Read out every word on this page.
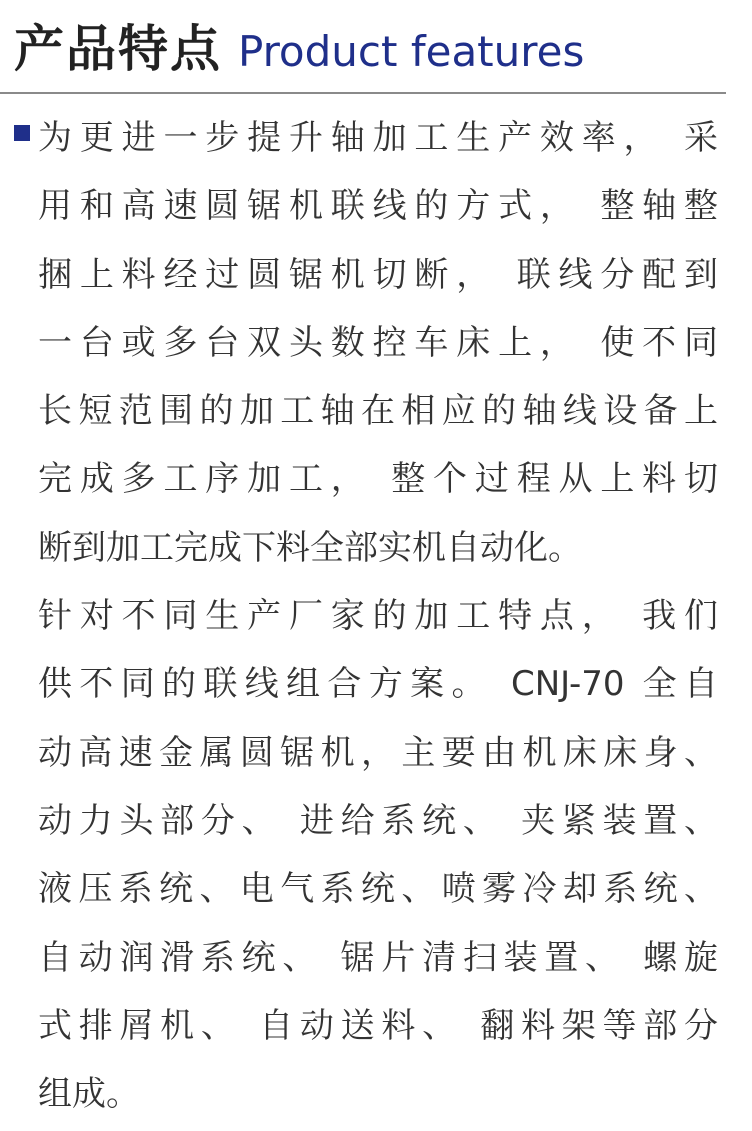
产品特点 Product features
为更进一步提升轴加工生产效率， 采
用和高速圆锯机联线的方式， 整轴整
捆上料经过圆锯机切断， 联线分配到
一台或多台双头数控车床上， 使不同
长短范围的加工轴在相应的轴线设备上
完成多工序加工， 整个过程从上料切
断到加工完成下料全部实机自动化。
针对不同生产厂家的加工特点， 我们
供不同的联线组合方案。 CNJ-70 全自
动高速金属圆锯机，主要由机床床身、
动力头部分、 进给系统、 夹紧装置、
液压系统、电气系统、喷雾冷却系统、
自动润滑系统、 锯片清扫装置、 螺旋
式排屑机、 自动送料、 翻料架等部分
组成。
